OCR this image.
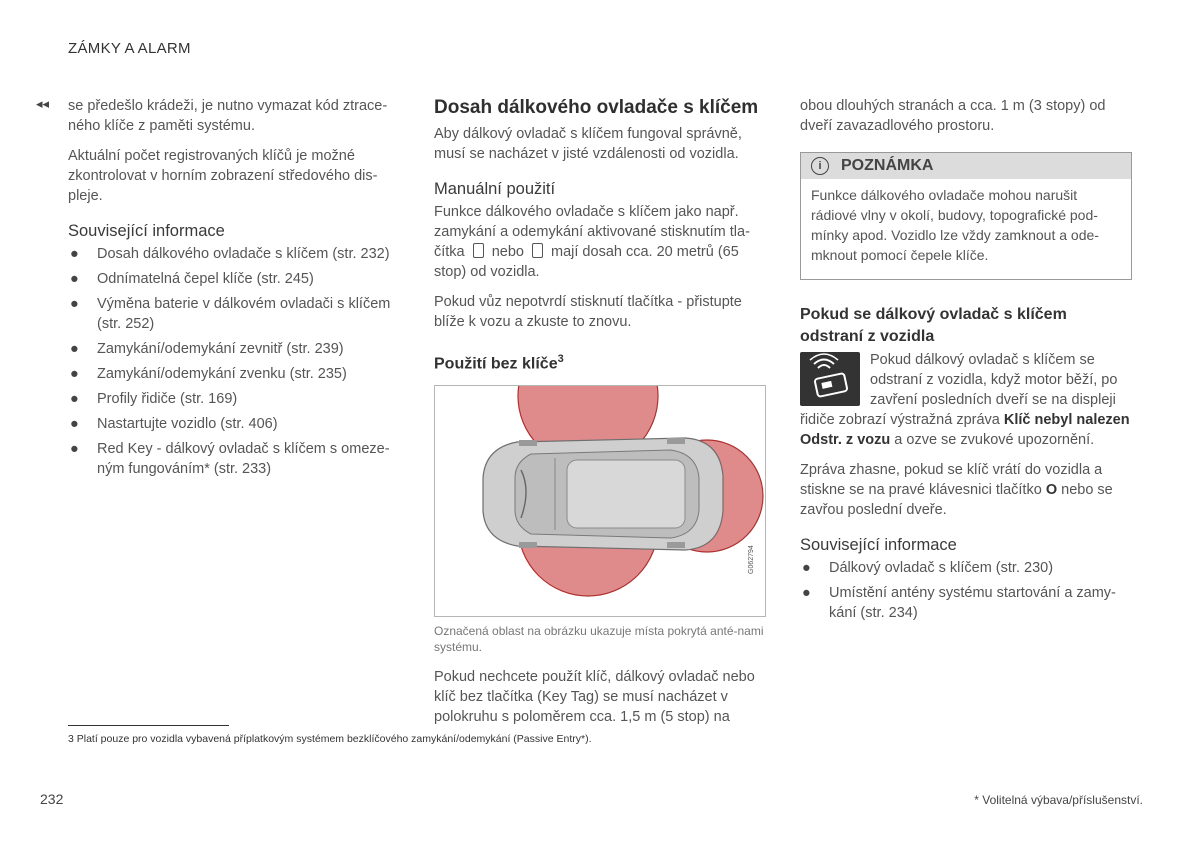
ZÁMKY A ALARM
◂◂ se předešlo krádeži, je nutno vymazat kód ztrace-ného klíče z paměti systému.

Aktuální počet registrovaných klíčů je možné zkontrolovat v horním zobrazení středového dis-pleje.

Související informace
● Dosah dálkového ovladače s klíčem (str. 232)
● Odnímatelná čepel klíče (str. 245)
● Výměna baterie v dálkovém ovladači s klíčem (str. 252)
● Zamykání/odemykání zevnitř (str. 239)
● Zamykání/odemykání zvenku (str. 235)
● Profily řidiče (str. 169)
● Nastartujte vozidlo (str. 406)
● Red Key - dálkový ovladač s klíčem s omeze-ným fungováním* (str. 233)
Dosah dálkového ovladače s klíčem

Aby dálkový ovladač s klíčem fungoval správně, musí se nacházet v jisté vzdálenosti od vozidla.

Manuální použití

Funkce dálkového ovladače s klíčem jako např. zamykání a odemykání aktivované stisknutím tla-čítka nebo mají dosah cca. 20 metrů (65 stop) od vozidla.

Pokud vůz nepotvrdí stisknutí tlačítka - přistupte blíže k vozu a zkuste to znovu.

Použití bez klíče$^3$
G062794
Označená oblast na obrázku ukazuje místa pokrytá anté-nami systému.

Pokud nechcete použít klíč, dálkový ovladač nebo klíč bez tlačítka (Key Tag) se musí nacházet v polokruhu s poloměrem cca. 1,5 m (5 stop) na

obou dlouhých stranách a cca. 1 m (3 stopy) od dveří zavazadlového prostoru.

i	POZNÁMKA

Funkce dálkového ovladače mohou narušit rádiové vlny v okolí, budovy, topografické pod-mínky apod. Vozidlo lze vždy zamknout a ode-mknout pomocí čepele klíče.

Pokud se dálkový ovladač s klíčem odstraní z vozidla

Pokud dálkový ovladač s klíčem se odstraní z vozidla, když motor běží, po zavření posledních dveří se na displeji řidiče zobrazí výstražná zpráva Klíč nebyl nalezen Odstr. z vozu a ozve se zvukové upozornění.

Zpráva zhasne, pokud se klíč vrátí do vozidla a stiskne se na pravé klávesnici tlačítko O nebo se zavřou poslední dveře.

Související informace
● Dálkový ovladač s klíčem (str. 230)
● Umístění antény systému startování a zamy-kání (str. 234)
3 Platí pouze pro vozidla vybavená příplatkovým systémem bezklíčového zamykání/odemykání (Passive Entry*).
232	* Volitelná výbava/příslušenství.
